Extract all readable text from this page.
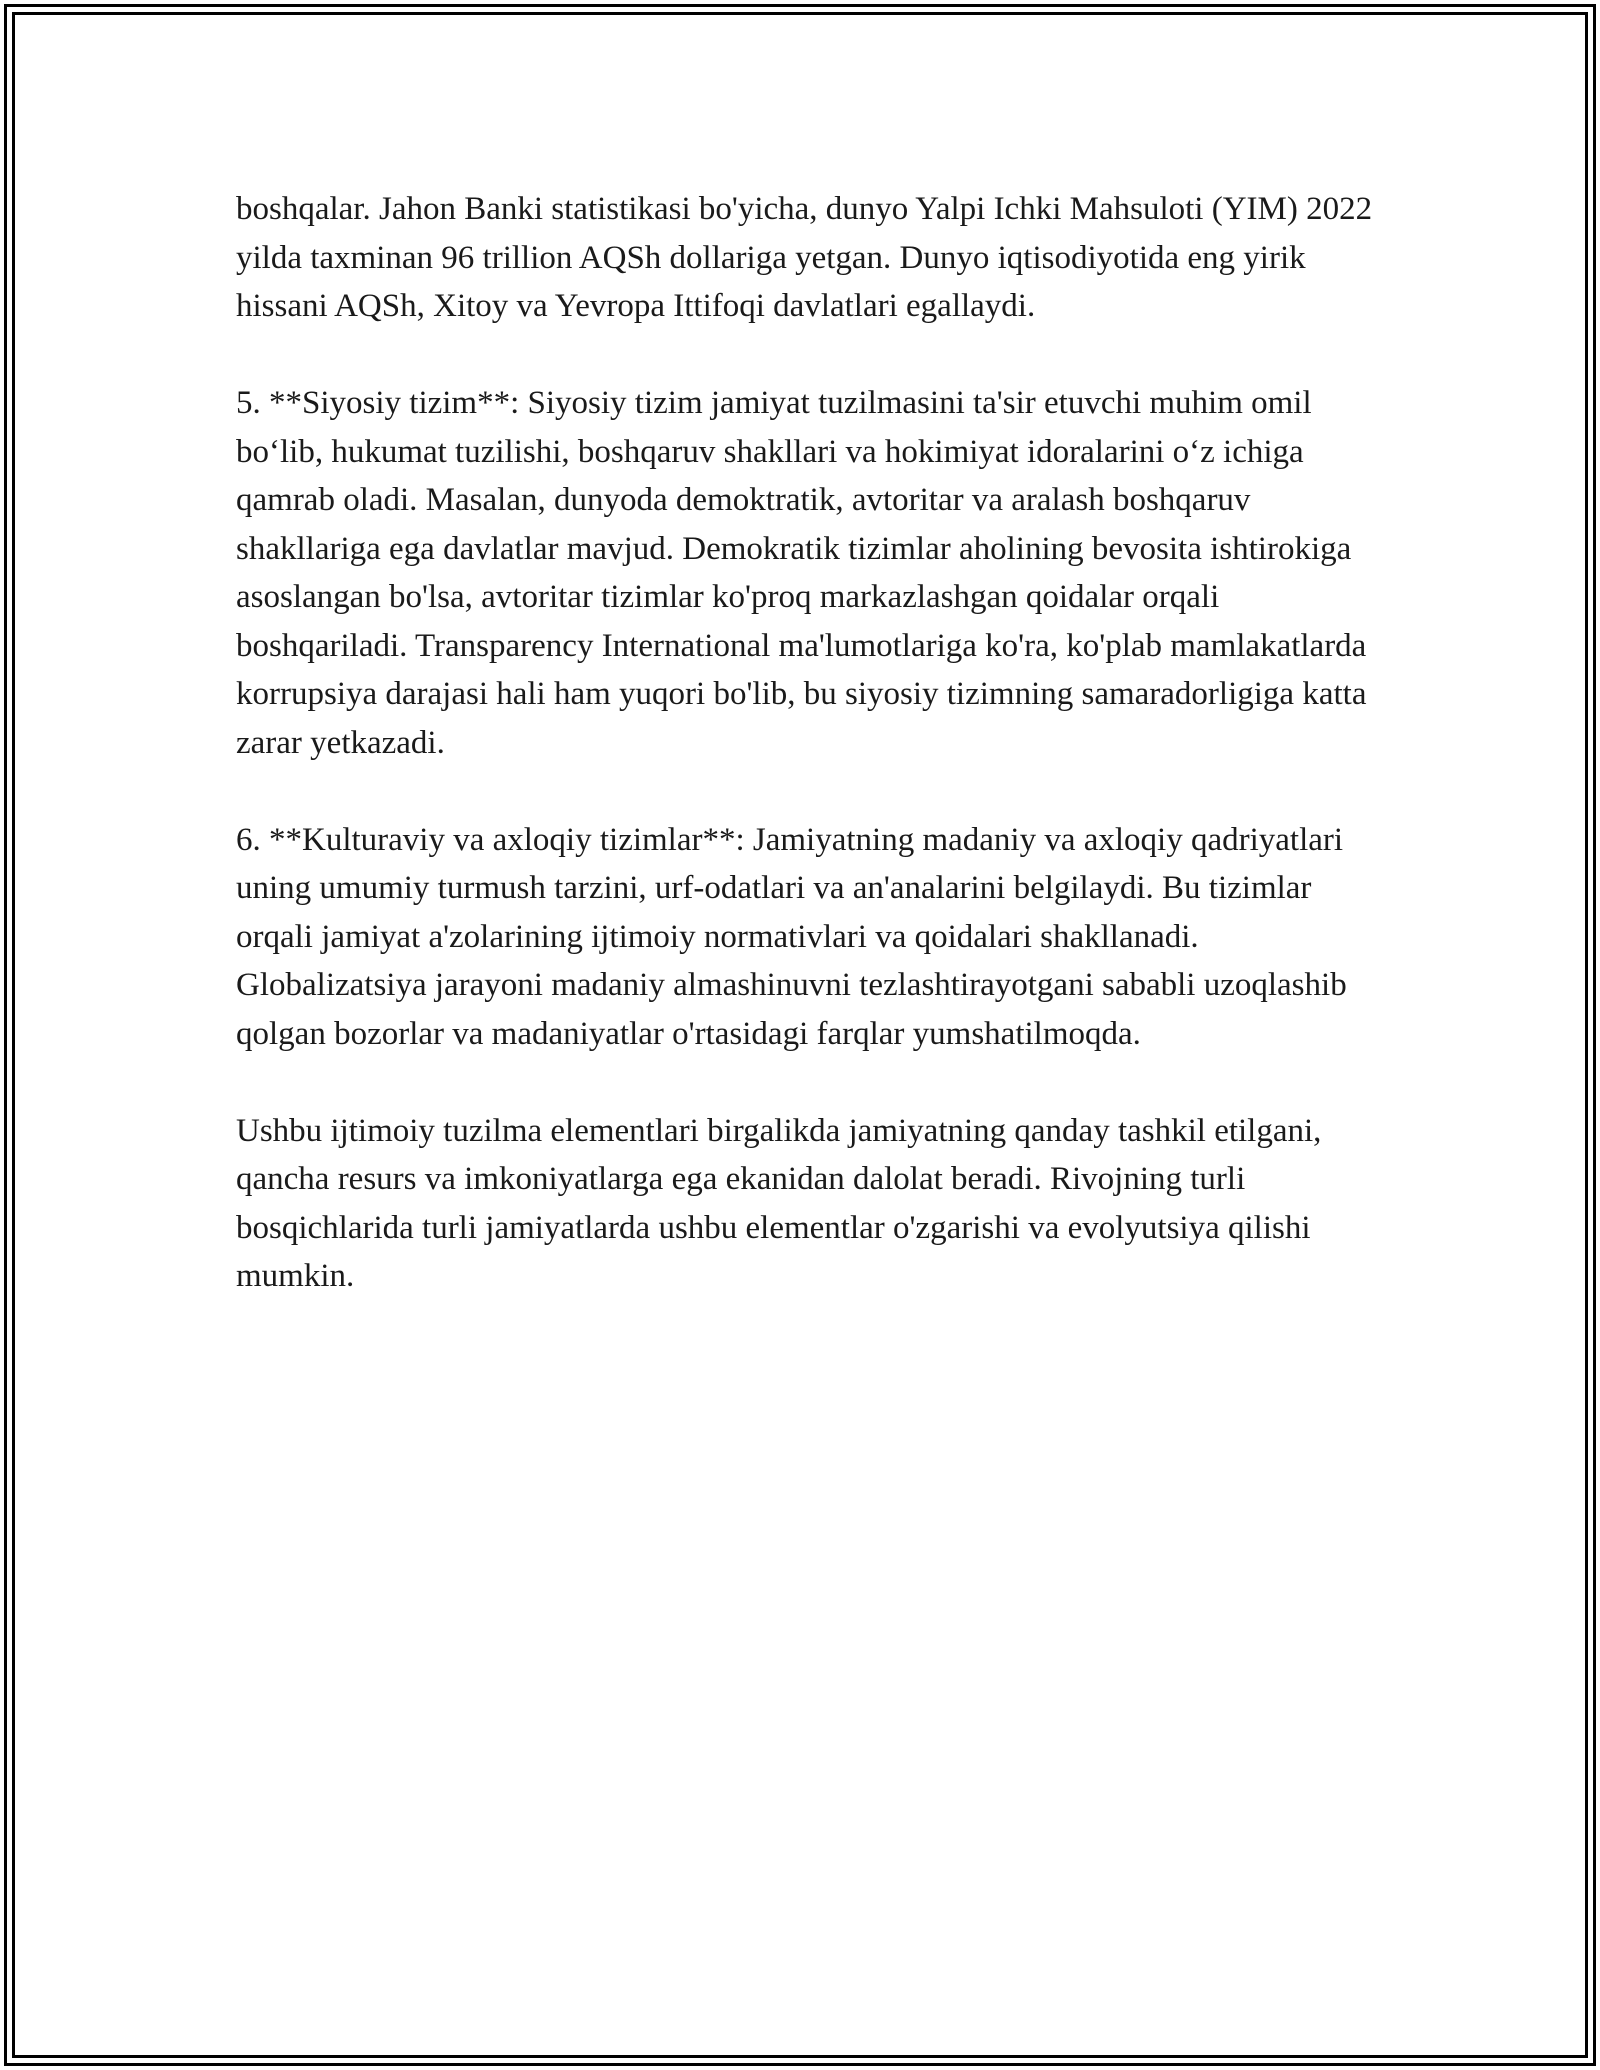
boshqalar. Jahon Banki statistikasi bo'yicha, dunyo Yalpi Ichki Mahsuloti (YIM) 2022 yilda taxminan 96 trillion AQSh dollariga yetgan. Dunyo iqtisodiyotida eng yirik hissani AQSh, Xitoy va Yevropa Ittifoqi davlatlari egallaydi.

5. **Siyosiy tizim**: Siyosiy tizim jamiyat tuzilmasini ta'sir etuvchi muhim omil bo‘lib, hukumat tuzilishi, boshqaruv shakllari va hokimiyat idoralarini o‘z ichiga qamrab oladi. Masalan, dunyoda demoktratik, avtoritar va aralash boshqaruv shakllariga ega davlatlar mavjud. Demokratik tizimlar aholining bevosita ishtirokiga asoslangan bo'lsa, avtoritar tizimlar ko'proq markazlashgan qoidalar orqali boshqariladi. Transparency International ma'lumotlariga ko'ra, ko'plab mamlakatlarda korrupsiya darajasi hali ham yuqori bo'lib, bu siyosiy tizimning samaradorligiga katta zarar yetkazadi.

6. **Kulturaviy va axloqiy tizimlar**: Jamiyatning madaniy va axloqiy qadriyatlari uning umumiy turmush tarzini, urf-odatlari va an'analarini belgilaydi. Bu tizimlar orqali jamiyat a'zolarining ijtimoiy normativlari va qoidalari shakllanadi. Globalizatsiya jarayoni madaniy almashinuvni tezlashtirayotgani sababli uzoqlashib qolgan bozorlar va madaniyatlar o'rtasidagi farqlar yumshatilmoqda.

Ushbu ijtimoiy tuzilma elementlari birgalikda jamiyatning qanday tashkil etilgani, qancha resurs va imkoniyatlarga ega ekanidan dalolat beradi. Rivojning turli bosqichlarida turli jamiyatlarda ushbu elementlar o'zgarishi va evolyutsiya qilishi mumkin.
